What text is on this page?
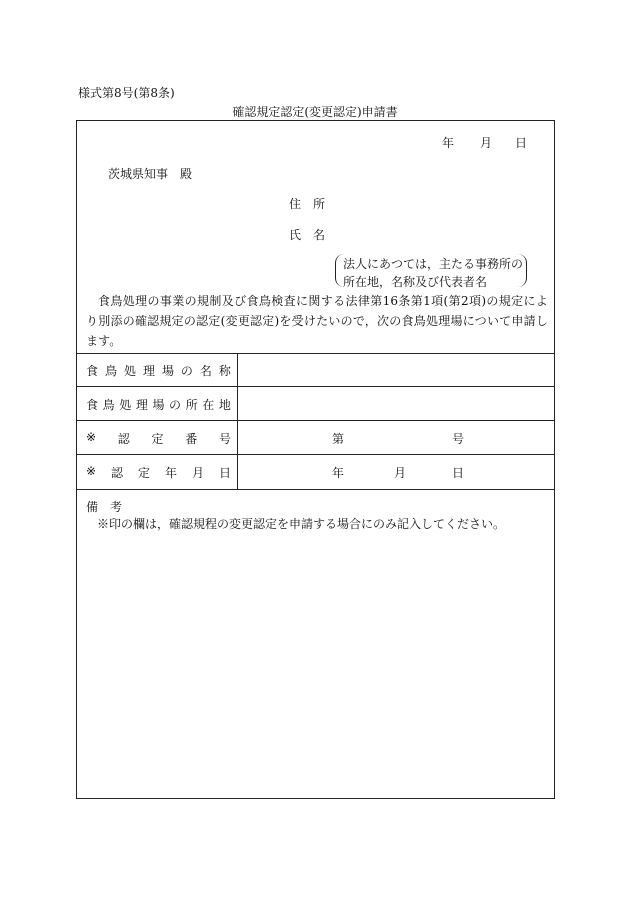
様式第8号(第8条)
確認規定認定(変更認定)申請書
年 月 日
茨城県知事　殿
住　所
氏　名
法人にあつては，主たる事務所の
所在地，名称及び代表者名
食鳥処理の事業の規制及び食鳥検査に関する法律第16条第1項(第2項)の規定により別添の確認規定の認定(変更認定)を受けたいので，次の食鳥処理場について申請します。
食 鳥 処 理 場 の 名 称
食 鳥 処 理 場 の 所 在 地
※ 認 定 番 号	第	号
※ 認 定 年 月 日	年	月	日
備　考
※印の欄は，確認規程の変更認定を申請する場合にのみ記入してください。
